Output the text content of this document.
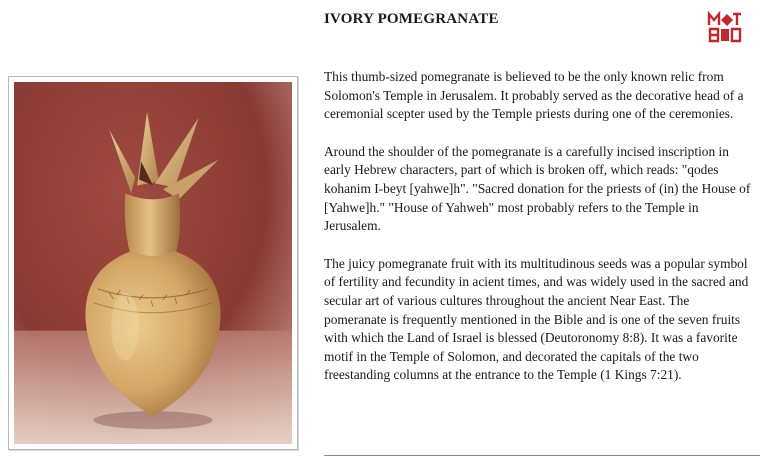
IVORY POMEGRANATE

This thumb-sized pomegranate is believed to be the only known relic from Solomon's Temple in Jerusalem. It probably served as the decorative head of a ceremonial scepter used by the Temple priests during one of the ceremonies.

Around the shoulder of the pomegranate is a carefully incised inscription in early Hebrew characters, part of which is broken off, which reads: "qodes kohanim I-beyt [yahwe]h". "Sacred donation for the priests of (in) the House of [Yahwe]h." "House of Yahweh" most probably refers to the Temple in Jerusalem.

The juicy pomegranate fruit with its multitudinous seeds was a popular symbol of fertility and fecundity in acient times, and was widely used in the sacred and secular art of various cultures throughout the ancient Near East. The pomeranate is frequently mentioned in the Bible and is one of the seven fruits with which the Land of Israel is blessed (Deutoronomy 8:8). It was a favorite motif in the Temple of Solomon, and decorated the capitals of the two freestanding columns at the entrance to the Temple (1 Kings 7:21).
